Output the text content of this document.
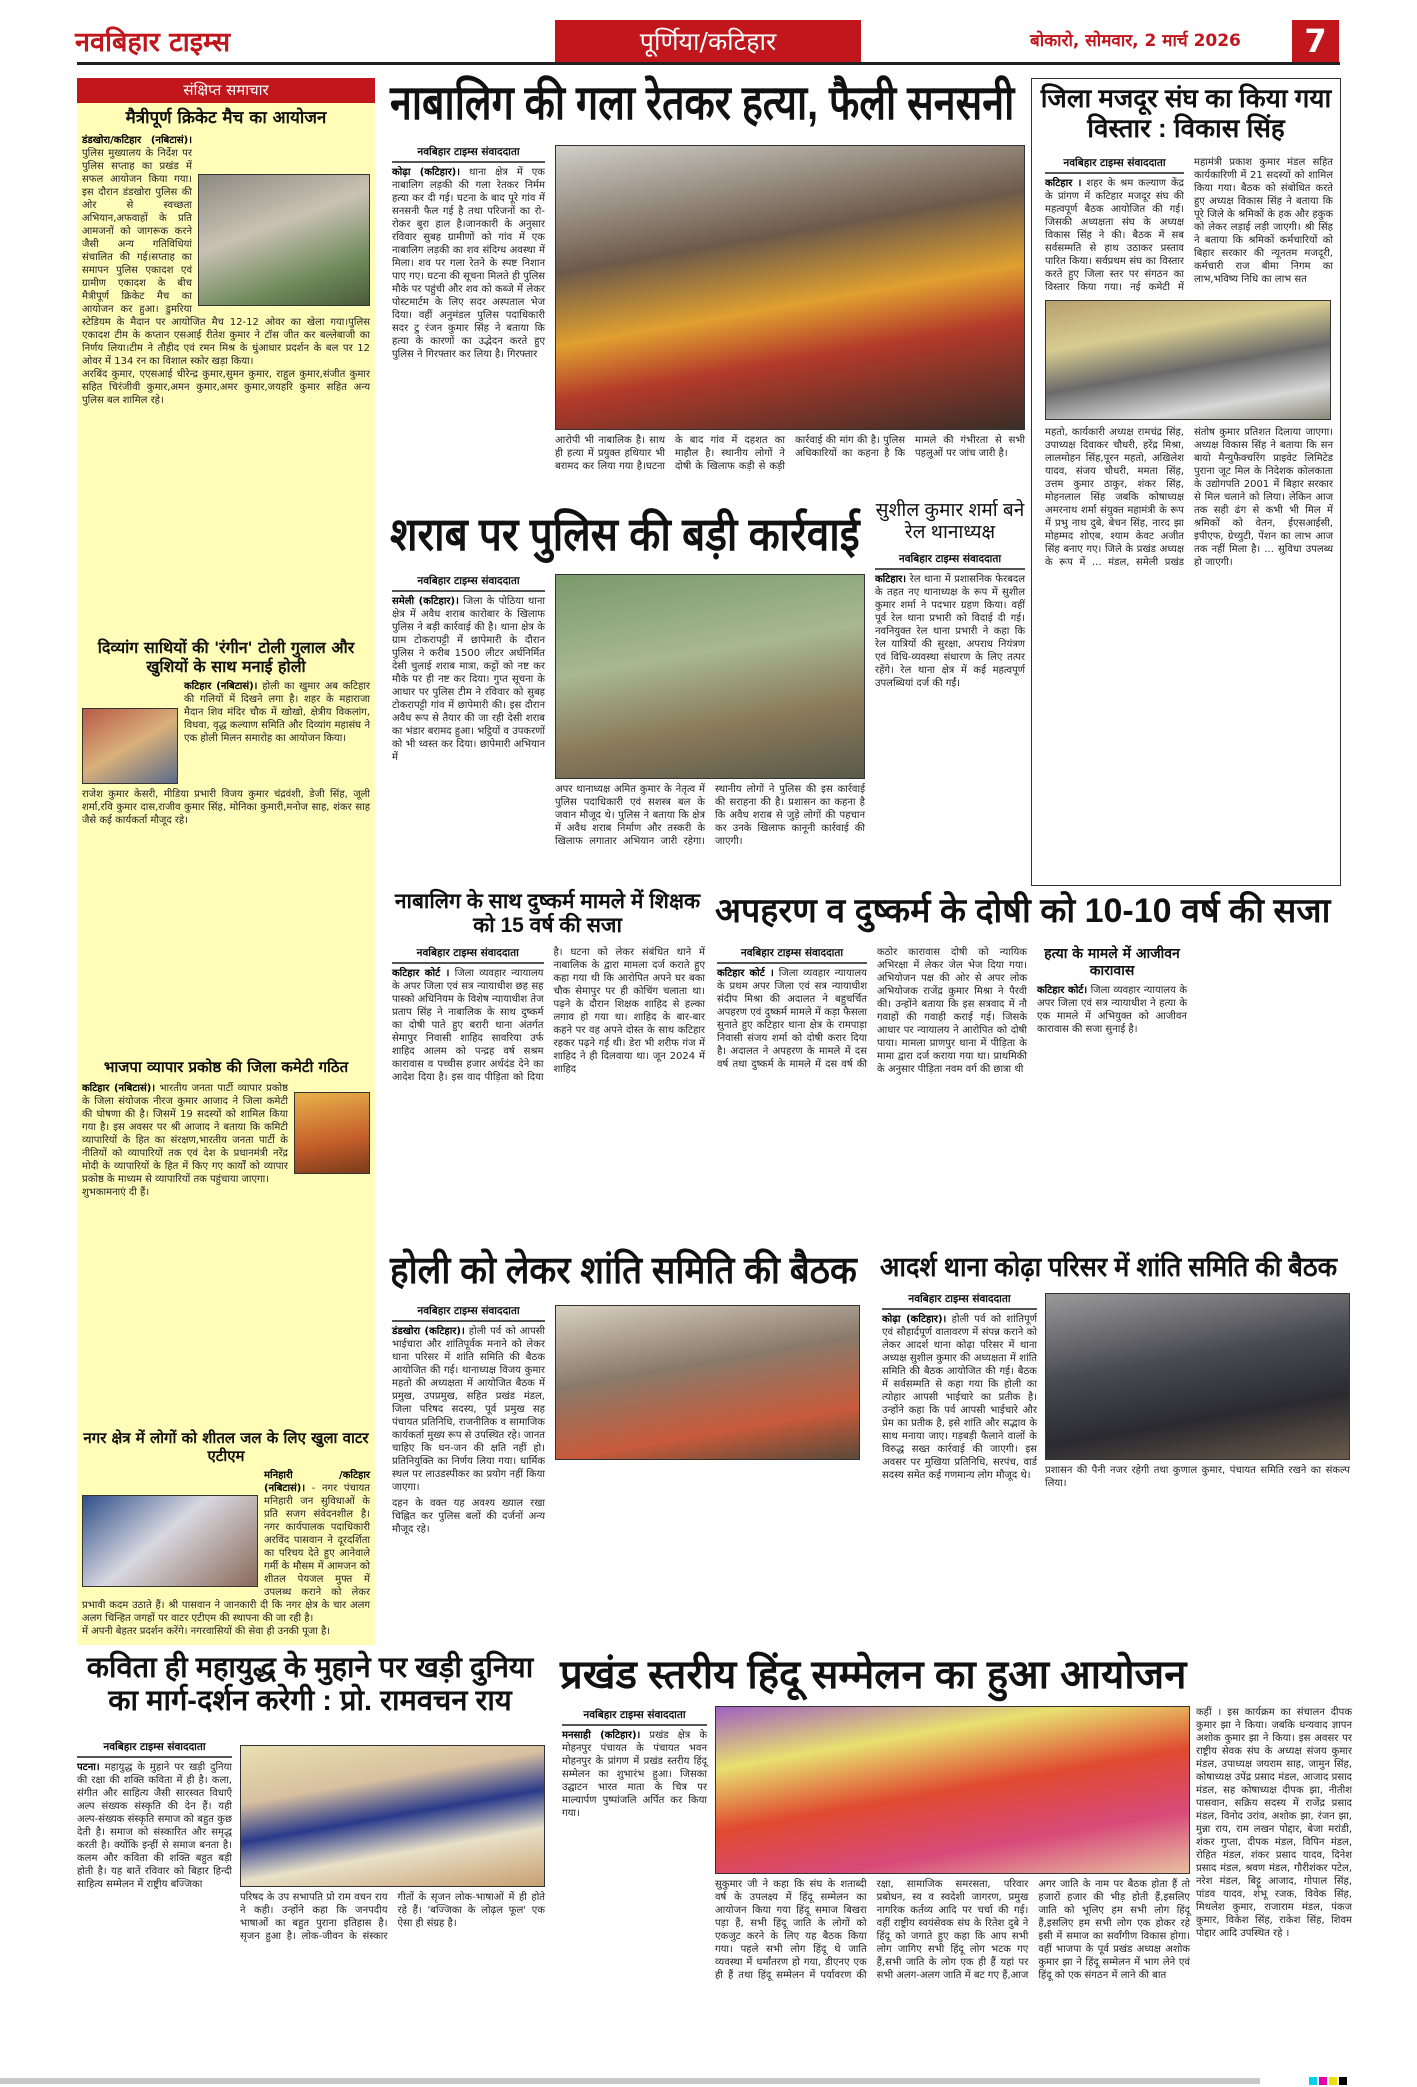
नवबिहार टाइम्स	पूर्णिया/कटिहार	बोकारो, सोमवार, 2 मार्च 2026	7
संक्षिप्त समाचार
मैत्रीपूर्ण क्रिकेट मैच का आयोजन
डंडखोरा/कटिहार (नबिटासं)। पुलिस मुख्यालय के निर्देश पर पुलिस सप्ताह का प्रखंड में सफल आयोजन किया गया।इस दौरान डंडखोरा पुलिस की ओर से स्वच्छता अभियान,अफवाहों के प्रति आमजनों को जागरूक करने जैसी अन्य गतिविधियां संचालित की गई।सप्ताह का समापन पुलिस एकादश एवं ग्रामीण एकादश के बीच मैत्रीपूर्ण क्रिकेट मैच का आयोजन कर हुआ। डुमरिया स्टेडियम के मैदान पर आयोजित मैच 12-12 ओवर का खेला गया।पुलिस एकादश टीम के कप्तान एसआई रीतेश कुमार ने टॉस जीत कर बल्लेबाजी का निर्णय लिया।टीम ने तौहीद एवं रमन मिश्र के धुंआधार प्रदर्शन के बल पर 12 ओवर में 134 रन का विशाल स्कोर खड़ा किया।
अरबिंद कुमार, एएसआई धीरेन्द्र कुमार,सुमन कुमार, राहुल कुमार,संजीत कुमार सहित चिरंजीवी कुमार,अमन कुमार,अमर कुमार,जयहरि कुमार सहित अन्य पुलिस बल शामिल रहे।
दिव्यांग साथियों की 'रंगीन' टोली गुलाल और खुशियों के साथ मनाई होली
कटिहार (नबिटासं)। होली का खुमार अब कटिहार की गलियों में दिखने लगा है। शहर के महाराजा मैदान शिव मंदिर चौक में खोखो, क्षेत्रीय विकलांग, विधवा, वृद्ध कल्याण समिति और दिव्यांग महासंघ ने एक होली मिलन समारोह का आयोजन किया।
राजेश कुमार केसरी, मीडिया प्रभारी विजय कुमार चंद्रवंशी, डेजी सिंह, जूली शर्मा,रवि कुमार दास,राजीव कुमार सिंह, मोनिका कुमारी,मनोज साह, शंकर साह जैसे कई कार्यकर्ता मौजूद रहे।
भाजपा व्यापार प्रकोष्ठ की जिला कमेटी गठित
कटिहार (नबिटासं)। भारतीय जनता पार्टी व्यापार प्रकोष्ठ के जिला संयोजक नीरज कुमार आजाद ने जिला कमेटी की घोषणा की है। जिसमें 19 सदस्यों को शामिल किया गया है। इस अवसर पर श्री आजाद ने बताया कि कमिटी व्यापारियों के हित का संरक्षण,भारतीय जनता पार्टी के नीतियों को व्यापारियों तक एवं देश के प्रधानमंत्री नरेंद्र मोदी के व्यापारियों के हित में किए गए कार्यों को व्यापार प्रकोष्ठ के माध्यम से व्यापारियों तक पहुंचाया जाएगा।
शुभकामनाएं दी हैं।
नगर क्षेत्र में लोगों को शीतल जल के लिए खुला वाटर एटीएम
मनिहारी /कटिहार (नबिटासं)। - नगर पंचायत मनिहारी जन सुविधाओं के प्रति सजग संवेदनशील है। नगर कार्यपालक पदाधिकारी अरविंद पासवान ने दूरदर्शिता का परिचय देते हुए आनेवाले गर्मी के मौसम में आमजन को शीतल पेयजल मुफ्त में उपलब्ध कराने को लेकर प्रभावी कदम उठाते हैं। श्री पासवान ने जानकारी दी कि नगर क्षेत्र के चार अलग अलग चिन्हित जगहों पर वाटर एटीएम की स्थापना की जा रही है।
में अपनी बेहतर प्रदर्शन करेंगे। नगरवासियों की सेवा ही उनकी पूजा है।
नाबालिग की गला रेतकर हत्या, फैली सनसनी
नवबिहार टाइम्स संवाददाता
कोढ़ा (कटिहार)। थाना क्षेत्र में एक नाबालिग लड़की की गला रेतकर निर्मम हत्या कर दी गई। घटना के बाद पूरे गांव में सनसनी फैल गई है तथा परिजनों का रो-रोकर बुरा हाल है।जानकारी के अनुसार रविवार सुबह ग्रामीणों को गांव में एक नाबालिग लड़की का शव संदिग्ध अवस्था में मिला। शव पर गला रेतने के स्पष्ट निशान पाए गए। घटना की सूचना मिलते ही पुलिस मौके पर पहुंची और शव को कब्जे में लेकर पोस्टमार्टम के लिए सदर अस्पताल भेज दिया। वहीं अनुमंडल पुलिस पदाधिकारी सदर टु रंजन कुमार सिंह ने बताया कि हत्या के कारणों का उद्भेदन करते हुए पुलिस ने गिरफ्तार कर लिया है। गिरफ्तार
आरोपी भी नाबालिक है। साथ ही हत्या में प्रयुक्त हथियार भी बरामद कर लिया गया है।घटना के बाद गांव में दहशत का माहौल है। स्थानीय लोगों ने दोषी के खिलाफ कड़ी से कड़ी कार्रवाई की मांग की है। पुलिस अधिकारियों का कहना है कि मामले की गंभीरता से सभी पहलुओं पर जांच जारी है।
जिला मजदूर संघ का किया गया विस्तार : विकास सिंह
नवबिहार टाइम्स संवाददाता
कटिहार । शहर के श्रम कल्याण केंद्र के प्रांगण में कटिहार मजदूर संघ की महत्वपूर्ण बैठक आयोजित की गई। जिसकी अध्यक्षता संघ के अध्यक्ष विकास सिंह ने की। बैठक में सब सर्वसम्मति से हाथ उठाकर प्रस्ताव पारित किया। सर्वप्रथम संघ का विस्तार करते हुए जिला स्तर पर संगठन का विस्तार किया गया। नई कमेटी में महामंत्री प्रकाश कुमार मंडल सहित कार्यकारिणी में 21 सदस्यों को शामिल किया गया। बैठक को संबोधित करते हुए अध्यक्ष विकास सिंह ने बताया कि पूरे जिले के श्रमिकों के हक और हकुक को लेकर लड़ाई लड़ी जाएगी। श्री सिंह ने बताया कि श्रमिकों कर्मचारियों को बिहार सरकार की न्यूनतम मजदूरी, कर्मचारी राज बीमा निगम का लाभ,भविष्य निधि का लाभ सत
महतो, कार्यकारी अध्यक्ष रामचंद्र सिंह, उपाध्यक्ष दिवाकर चौधरी, हरेंद्र मिश्रा, लालमोहन सिंह,पूरन महतो, अखिलेश यादव, संजय चौधरी, ममता सिंह, उत्तम कुमार ठाकुर, शंकर सिंह, मोहनलाल सिंह जबकि कोषाध्यक्ष अमरनाथ शर्मा संयुक्त महामंत्री के रूप में प्रभु नाथ दुबे, बेचन सिंह, नारद झा मोहम्मद शोएब, श्याम केवट अजीत सिंह बनाए गए। जिले के प्रखंड अध्यक्ष के रूप में ... मंडल, समेली प्रखंड संतोष कुमार प्रतिशत दिलाया जाएगा। अध्यक्ष विकास सिंह ने बताया कि सन बायो मैन्युफैक्चरिंग प्राइवेट लिमिटेड पुराना जूट मिल के निदेशक कोलकाता के उद्योगपति 2001 में बिहार सरकार से मिल चलाने को लिया। लेकिन आज तक सही ढंग से कभी भी मिल में श्रमिकों को वेतन, ईएसआईसी, इपीएफ, ग्रेच्युटी, पेंशन का लाभ आज तक नहीं मिला है। ... सुविधा उपलब्ध हो जाएगी।
शराब पर पुलिस की बड़ी कार्रवाई
नवबिहार टाइम्स संवाददाता
समेली (कटिहार)। जिला के पोठिया थाना क्षेत्र में अवैध शराब कारोबार के खिलाफ पुलिस ने बड़ी कार्रवाई की है। थाना क्षेत्र के ग्राम टोकरापट्टी में छापेमारी के दौरान पुलिस ने करीब 1500 लीटर अर्धनिर्मित देसी चुलाई शराब मात्रा, कट्टों को नष्ट कर मौके पर ही नष्ट कर दिया। गुप्त सूचना के आधार पर पुलिस टीम ने रविवार को सुबह टोकरापट्टी गांव में छापेमारी की। इस दौरान अवैध रूप से तैयार की जा रही देसी शराब का भंडार बरामद हुआ। भट्ठियों व उपकरणों को भी ध्वस्त कर दिया। छापेमारी अभियान में
अपर थानाध्यक्ष अमित कुमार के नेतृत्व में पुलिस पदाधिकारी एवं सशस्त्र बल के जवान मौजूद थे। पुलिस ने बताया कि क्षेत्र में अवैध शराब निर्माण और तस्करी के खिलाफ लगातार अभियान जारी रहेगा।स्थानीय लोगों ने पुलिस की इस कार्रवाई की सराहना की है। प्रशासन का कहना है कि अवैध शराब से जुड़े लोगों की पहचान कर उनके खिलाफ कानूनी कार्रवाई की जाएगी।
सुशील कुमार शर्मा बने रेल थानाध्यक्ष
नवबिहार टाइम्स संवाददाता
कटिहार। रेल थाना में प्रशासनिक फेरबदल के तहत नए थानाध्यक्ष के रूप में सुशील कुमार शर्मा ने पदभार ग्रहण किया। वहीं पूर्व रेल थाना प्रभारी को विदाई दी गई। नवनियुक्त रेल थाना प्रभारी ने कहा कि रेल यात्रियों की सुरक्षा, अपराध नियंत्रण एवं विधि-व्यवस्था संधारण के लिए तत्पर रहेंगे। रेल थाना क्षेत्र में कई महत्वपूर्ण उपलब्धियां दर्ज की गईं।
नाबालिग के साथ दुष्कर्म मामले में शिक्षक को 15 वर्ष की सजा
नवबिहार टाइम्स संवाददाता
कटिहार कोर्ट । जिला व्यवहार न्यायालय के अपर जिला एवं सत्र न्यायाधीश छह सह पास्को अधिनियम के विशेष न्यायाधीश तेज प्रताप सिंह ने नाबालिक के साथ दुष्कर्म का दोषी पाते हुए बरारी थाना अंतर्गत सेमापुर निवासी शाहिद सावरिया उर्फ शाहिद आलम को पन्द्रह वर्ष सश्रम कारावास व पच्चीस हजार अर्थदंड देने का आदेश दिया है। इस वाद पीड़िता को दिया है। घटना को लेकर संबंधित थाने में नाबालिक के द्वारा मामला दर्ज कराते हुए कहा गया थी कि आरोपित अपने घर बका चौक सेमापुर पर ही कोचिंग चलाता था। पढ़ने के दौरान शिक्षक शाहिद से हल्का लगाव हो गया था। शाहिद के बार-बार कहने पर वह अपने दोस्त के साथ कटिहार रहकर पढ़ने गई थी। डेरा भी शरीफ गंज में शाहिद ने ही दिलवाया था। जून 2024 में शाहिद
अपहरण व दुष्कर्म के दोषी को 10-10 वर्ष की सजा
नवबिहार टाइम्स संवाददाता
कटिहार कोर्ट । जिला व्यवहार न्यायालय के प्रथम अपर जिला एवं सत्र न्यायाधीश संदीप मिश्रा की अदालत ने बहुचर्चित अपहरण एवं दुष्कर्म मामले में कड़ा फैसला सुनाते हुए कटिहार थाना क्षेत्र के रामपाड़ा निवासी संजय शर्मा को दोषी करार दिया है। अदालत ने अपहरण के मामले में दस वर्ष तथा दुष्कर्म के मामले में दस वर्ष की कठोर कारावास दोषी को न्यायिक अभिरक्षा में लेकर जेल भेज दिया गया। अभियोजन पक्ष की ओर से अपर लोक अभियोजक राजेंद्र कुमार मिश्रा ने पैरवी की। उन्होंने बताया कि इस सत्रवाद में नौ गवाहों की गवाही कराई गई। जिसके आधार पर न्यायालय ने आरोपित को दोषी पाया। मामला प्राणपुर थाना में पीड़िता के मामा द्वारा दर्ज कराया गया था। प्राथमिकी के अनुसार पीड़िता नवम वर्ग की छात्रा थी
हत्या के मामले में आजीवन कारावास
कटिहार कोर्ट। जिला व्यवहार न्यायालय के अपर जिला एवं सत्र न्यायाधीश ने हत्या के एक मामले में अभियुक्त को आजीवन कारावास की सजा सुनाई है।
होली को लेकर शांति समिति की बैठक
नवबिहार टाइम्स संवाददाता
डंडखोरा (कटिहार)। होली पर्व को आपसी भाईचारा और शांतिपूर्वक मनाने को लेकर थाना परिसर में शांति समिति की बैठक आयोजित की गई। थानाध्यक्ष विजय कुमार महतो की अध्यक्षता में आयोजित बैठक में प्रमुख, उपप्रमुख, सहित प्रखंड मंडल, जिला परिषद सदस्य, पूर्व प्रमुख सह पंचायत प्रतिनिधि, राजनीतिक व सामाजिक कार्यकर्ता मुख्य रूप से उपस्थित रहे। जानत चाहिए कि धन-जन की क्षति नहीं हो। प्रतिनियुक्ति का निर्णय लिया गया। धार्मिक स्थल पर लाउडस्पीकर का प्रयोग नहीं किया जाएगा।
दहन के वक्त यह अवश्य ख्याल रखा चिह्नित कर पुलिस बलों की दर्जनों अन्य मौजूद रहे।
आदर्श थाना कोढ़ा परिसर में शांति समिति की बैठक
नवबिहार टाइम्स संवाददाता
कोढ़ा (कटिहार)। होली पर्व को शांतिपूर्ण एवं सौहार्दपूर्ण वातावरण में संपन्न कराने को लेकर आदर्श थाना कोढ़ा परिसर में थाना अध्यक्ष सुशील कुमार की अध्यक्षता में शांति समिति की बैठक आयोजित की गई। बैठक में सर्वसम्मति से कहा गया कि होली का त्योहार आपसी भाईचारे का प्रतीक है। उन्होंने कहा कि पर्व आपसी भाईचारे और प्रेम का प्रतीक है, इसे शांति और सद्भाव के साथ मनाया जाए। गड़बड़ी फैलाने वालों के विरुद्ध सख्त कार्रवाई की जाएगी। इस अवसर पर मुखिया प्रतिनिधि, सरपंच, वार्ड सदस्य समेत कई गणमान्य लोग मौजूद थे।	प्रशासन की पैनी नजर रहेगी तथा कुणाल कुमार, पंचायत समिति रखने का संकल्प लिया।
कविता ही महायुद्ध के मुहाने पर खड़ी दुनिया का मार्ग-दर्शन करेगी : प्रो. रामवचन राय
नवबिहार टाइम्स संवाददाता
पटना। महायुद्ध के मुहाने पर खड़ी दुनिया की रक्षा की शक्ति कविता में ही है। कला, संगीत और साहित्य जैसी सारस्वत विधाएँ अल्प संख्यक संस्कृति की देन हैं। यही अल्प-संख्यक संस्कृति समाज को बहुत कुछ देती है। समाज को संस्कारित और समृद्ध करती है। क्योंकि इन्हीं से समाज बनता है। कलम और कविता की शक्ति बहुत बड़ी होती है। यह बातें रविवार को बिहार हिन्दी साहित्य सम्मेलन में राष्ट्रीय बज्जिका
परिषद के उप सभापति प्रो राम वचन राय ने कही। उन्होंने कहा कि जनपदीय भाषाओं का बहुत पुराना इतिहास है। सृजन हुआ है। लोक-जीवन के संस्कार गीतों के सृजन लोक-भाषाओं में ही होते रहे हैं। 'बज्जिका के लोढ़ल फूल' एक ऐसा ही संग्रह है।
प्रखंड स्तरीय हिंदू सम्मेलन का हुआ आयोजन
नवबिहार टाइम्स संवाददाता
मनसाही (कटिहार)। प्रखंड क्षेत्र के मोहनपुर पंचायत के पंचायत भवन मोहनपुर के प्रांगण में प्रखंड स्तरीय हिंदू सम्मेलन का शुभारंभ हुआ। जिसका उद्घाटन भारत माता के चित्र पर माल्यार्पण पुष्पांजलि अर्पित कर किया गया।
सुकुमार जी ने कहा कि संघ के शताब्दी वर्ष के उपलक्ष्य में हिंदू सम्मेलन का आयोजन किया गया हिंदू समाज बिखरा पड़ा हैं, सभी हिंदू जाति के लोगों को एकजुट करने के लिए यह बैठक किया गया। पहले सभी लोग हिंदू थे जाति व्यवस्था में धर्मांतरण हो गया, डीएनए एक ही हैं तथा हिंदू सम्मेलन में पर्यावरण की रक्षा, सामाजिक समरसता, परिवार प्रबोधन, स्व व स्वदेशी जागरण, प्रमुख नागरिक कर्तव्य आदि पर चर्चा की गई। वहीं राष्ट्रीय स्वयंसेवक संघ के रितेश दुबे ने हिंदू को जगाते हुए कहा कि आप सभी लोग जागिए सभी हिंदू लोग भटक गए हैं,सभी जाति के लोग एक ही हैं यहां पर सभी अलग-अलग जाति में बट गए हैं,आज अगर जाति के नाम पर बैठक होता हैं तो हजारों हजार की भीड़ होती हैं,इसलिए जाति को भूलिए हम सभी लोग हिंदू हैं,इसलिए हम सभी लोग एक होकर रहे इसी में समाज का सर्वांगीण विकास होगा। वहीं भाजपा के पूर्व प्रखंड अध्यक्ष अशोक कुमार झा ने हिंदू सम्मेलन में भाग लेने एवं हिंदू को एक संगठन में लाने की बात
कहीं । इस कार्यक्रम का संचालन दीपक कुमार झा ने किया। जबकि धन्यवाद ज्ञापन अशोक कुमार झा ने किया। इस अवसर पर राष्ट्रीय सेवक संघ के अध्यक्ष संजय कुमार मंडल, उपाध्यक्ष जयराम साह, जामुन सिंह, कोषाध्यक्ष उपेंद्र प्रसाद मंडल, आजाद प्रसाद मंडल, सह कोषाध्यक्ष दीपक झा, नीतीश पासवान, सक्रिय सदस्य में राजेंद्र प्रसाद मंडल, विनोद उरांव, अशोक झा, रंजन झा, मुन्ना राय, राम लखन पोद्दार, बेजा मरांडी, शंकर गुप्ता, दीपक मंडल, विपिन मंडल, रोहित मंडल, शंकर प्रसाद यादव, दिनेश प्रसाद मंडल, श्रवण मंडल, गौरीशंकर पटेल, नरेश मंडल, बिट्टू आजाद, गोपाल सिंह, पांडव यादव, शंभू रजक, विवेक सिंह, मिथलेश कुमार, राजाराम मंडल, पंकज कुमार, विकेश सिंह, राकेश सिंह, शिवम पोद्दार आदि उपस्थित रहे ।
